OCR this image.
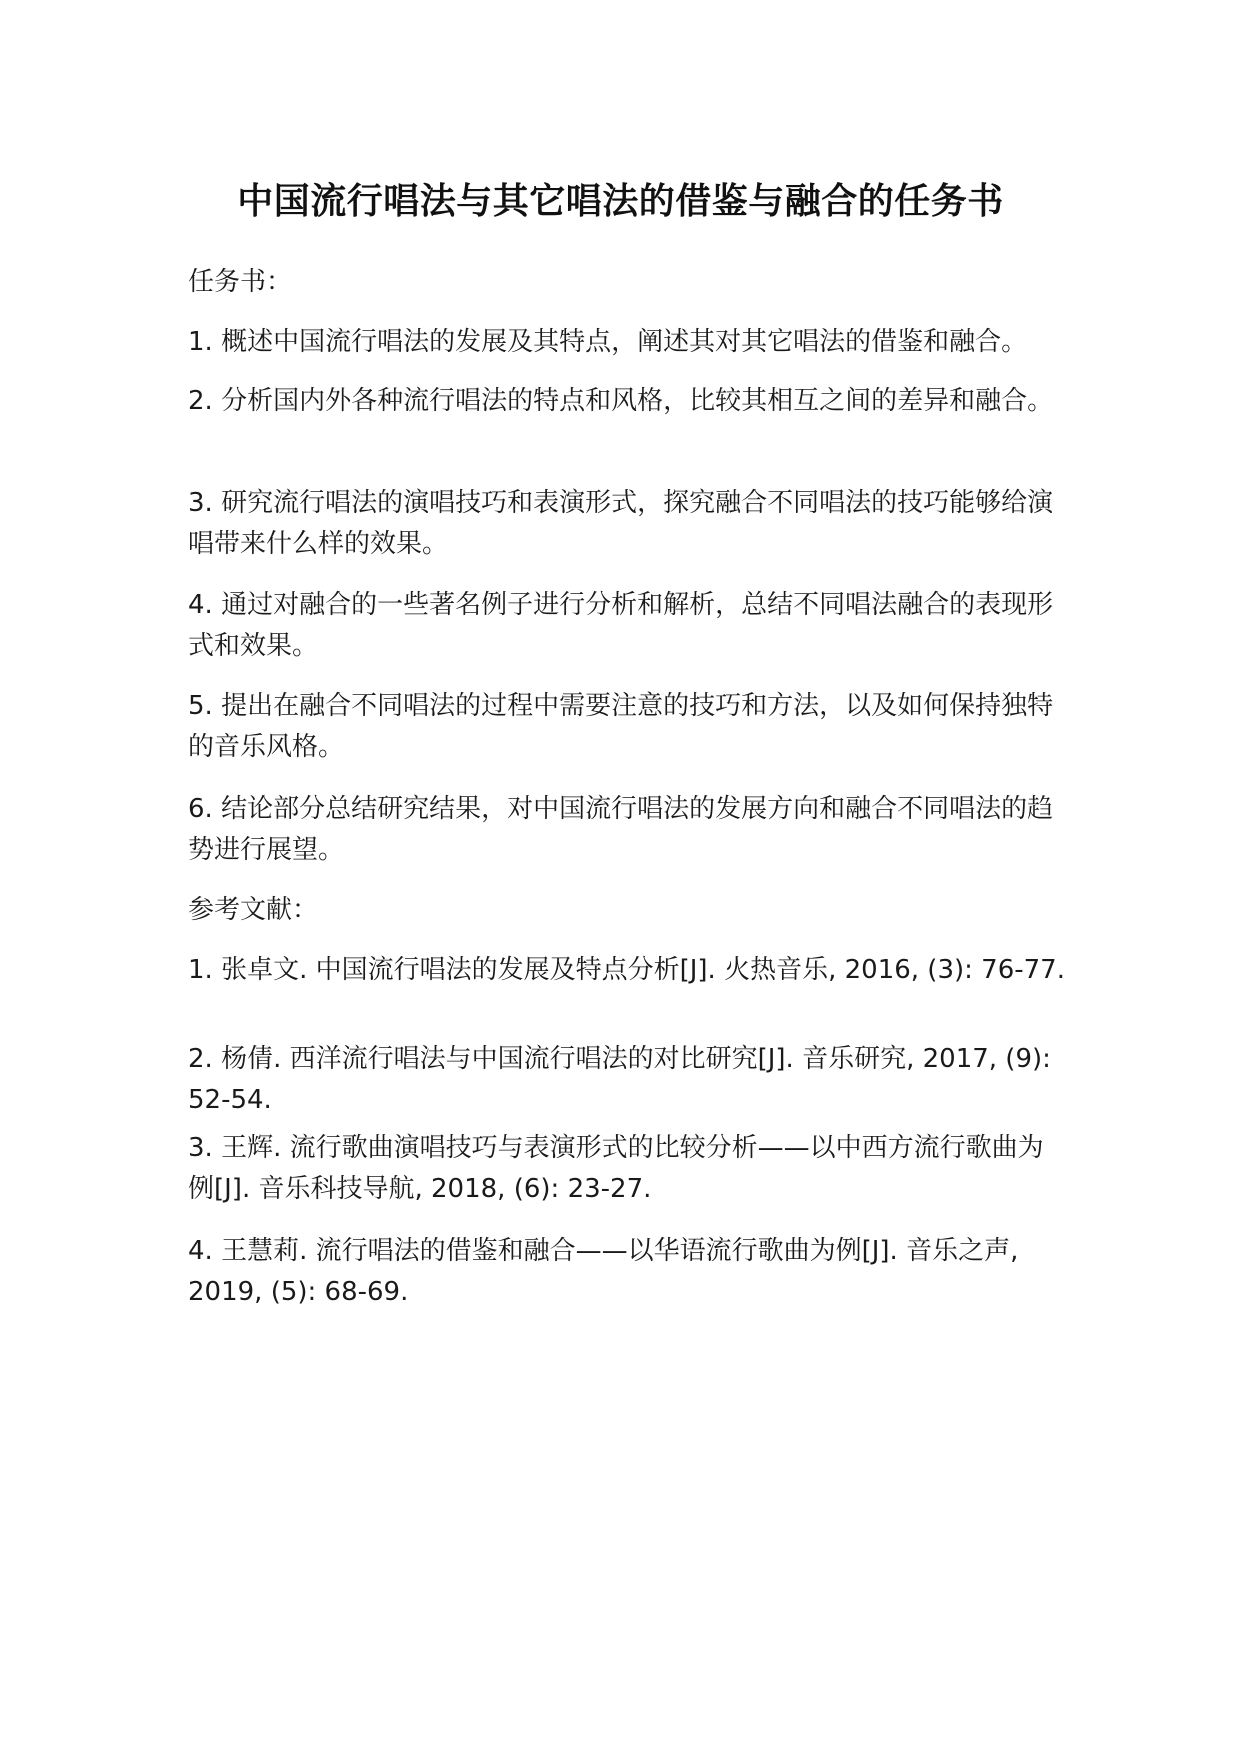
中国流行唱法与其它唱法的借鉴与融合的任务书

任务书：

1. 概述中国流行唱法的发展及其特点，阐述其对其它唱法的借鉴和融合。

2. 分析国内外各种流行唱法的特点和风格，比较其相互之间的差异和融合。

3. 研究流行唱法的演唱技巧和表演形式，探究融合不同唱法的技巧能够给演唱带来什么样的效果。

4. 通过对融合的一些著名例子进行分析和解析，总结不同唱法融合的表现形式和效果。

5. 提出在融合不同唱法的过程中需要注意的技巧和方法，以及如何保持独特的音乐风格。

6. 结论部分总结研究结果，对中国流行唱法的发展方向和融合不同唱法的趋势进行展望。

参考文献：

1. 张卓文. 中国流行唱法的发展及特点分析[J]. 火热音乐, 2016, (3): 76-77.

2. 杨倩. 西洋流行唱法与中国流行唱法的对比研究[J]. 音乐研究, 2017, (9): 52-54.

3. 王辉. 流行歌曲演唱技巧与表演形式的比较分析——以中西方流行歌曲为例[J]. 音乐科技导航, 2018, (6): 23-27.

4. 王慧莉. 流行唱法的借鉴和融合——以华语流行歌曲为例[J]. 音乐之声, 2019, (5): 68-69.
